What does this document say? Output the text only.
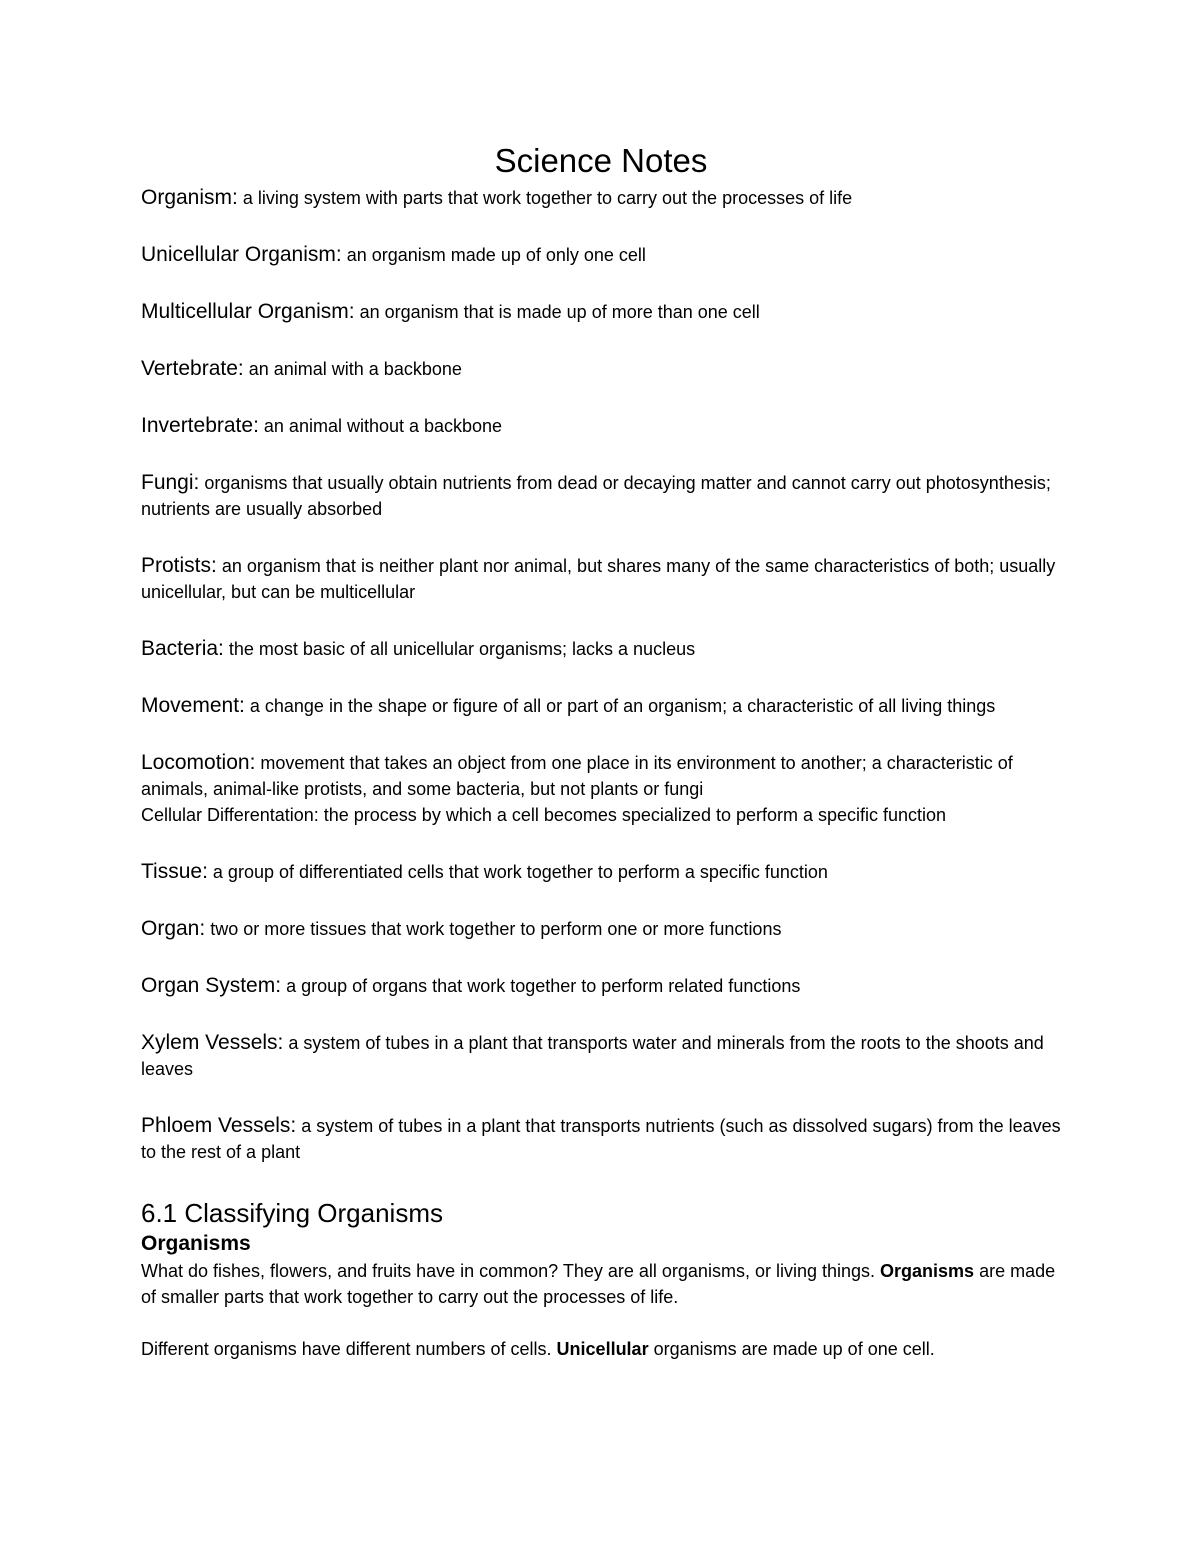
Science Notes
Organism: a living system with parts that work together to carry out the processes of life
Unicellular Organism: an organism made up of only one cell
Multicellular Organism: an organism that is made up of more than one cell
Vertebrate: an animal with a backbone
Invertebrate: an animal without a backbone
Fungi: organisms that usually obtain nutrients from dead or decaying matter and cannot carry out photosynthesis; nutrients are usually absorbed
Protists: an organism that is neither plant nor animal, but shares many of the same characteristics of both; usually unicellular, but can be multicellular
Bacteria: the most basic of all unicellular organisms; lacks a nucleus
Movement: a change in the shape or figure of all or part of an organism; a characteristic of all living things
Locomotion: movement that takes an object from one place in its environment to another; a characteristic of animals, animal-like protists, and some bacteria, but not plants or fungi
Cellular Differentation: the process by which a cell becomes specialized to perform a specific function
Tissue: a group of differentiated cells that work together to perform a specific function
Organ: two or more tissues that work together to perform one or more functions
Organ System: a group of organs that work together to perform related functions
Xylem Vessels: a system of tubes in a plant that transports water and minerals from the roots to the shoots and leaves
Phloem Vessels: a system of tubes in a plant that transports nutrients (such as dissolved sugars) from the leaves to the rest of a plant
6.1 Classifying Organisms
Organisms

What do fishes, flowers, and fruits have in common? They are all organisms, or living things. Organisms are made of smaller parts that work together to carry out the processes of life.

Different organisms have different numbers of cells. Unicellular organisms are made up of one cell.
